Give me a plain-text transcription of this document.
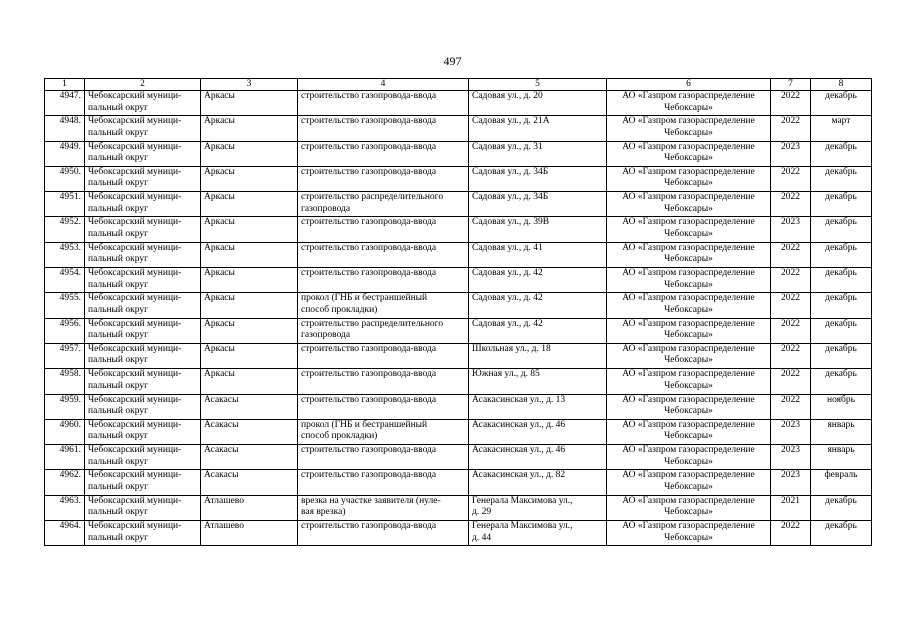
497
1	2	3	4	5	6	7	8
4947.	Чебоксарский муници-
пальный округ	Аркасы	строительство газопровода-ввода	Садовая ул., д. 20	АО «Газпром газораспределение
Чебоксары»	2022	декабрь
4948.	Чебоксарский муници-
пальный округ	Аркасы	строительство газопровода-ввода	Садовая ул., д. 21А	АО «Газпром газораспределение
Чебоксары»	2022	март
4949.	Чебоксарский муници-
пальный округ	Аркасы	строительство газопровода-ввода	Садовая ул., д. 31	АО «Газпром газораспределение
Чебоксары»	2023	декабрь
4950.	Чебоксарский муници-
пальный округ	Аркасы	строительство газопровода-ввода	Садовая ул., д. 34Б	АО «Газпром газораспределение
Чебоксары»	2022	декабрь
4951.	Чебоксарский муници-
пальный округ	Аркасы	строительство распределительного
газопровода	Садовая ул., д. 34Б	АО «Газпром газораспределение
Чебоксары»	2022	декабрь
4952.	Чебоксарский муници-
пальный округ	Аркасы	строительство газопровода-ввода	Садовая ул., д. 39В	АО «Газпром газораспределение
Чебоксары»	2023	декабрь
4953.	Чебоксарский муници-
пальный округ	Аркасы	строительство газопровода-ввода	Садовая ул., д. 41	АО «Газпром газораспределение
Чебоксары»	2022	декабрь
4954.	Чебоксарский муници-
пальный округ	Аркасы	строительство газопровода-ввода	Садовая ул., д. 42	АО «Газпром газораспределение
Чебоксары»	2022	декабрь
4955.	Чебоксарский муници-
пальный округ	Аркасы	прокол (ГНБ и бестраншейный
способ прокладки)	Садовая ул., д. 42	АО «Газпром газораспределение
Чебоксары»	2022	декабрь
4956.	Чебоксарский муници-
пальный округ	Аркасы	строительство распределительного
газопровода	Садовая ул., д. 42	АО «Газпром газораспределение
Чебоксары»	2022	декабрь
4957.	Чебоксарский муници-
пальный округ	Аркасы	строительство газопровода-ввода	Школьная ул., д. 18	АО «Газпром газораспределение
Чебоксары»	2022	декабрь
4958.	Чебоксарский муници-
пальный округ	Аркасы	строительство газопровода-ввода	Южная ул., д. 85	АО «Газпром газораспределение
Чебоксары»	2022	декабрь
4959.	Чебоксарский муници-
пальный округ	Асакасы	строительство газопровода-ввода	Асакасинская ул., д. 13	АО «Газпром газораспределение
Чебоксары»	2022	ноябрь
4960.	Чебоксарский муници-
пальный округ	Асакасы	прокол (ГНБ и бестраншейный
способ прокладки)	Асакасинская ул., д. 46	АО «Газпром газораспределение
Чебоксары»	2023	январь
4961.	Чебоксарский муници-
пальный округ	Асакасы	строительство газопровода-ввода	Асакасинская ул., д. 46	АО «Газпром газораспределение
Чебоксары»	2023	январь
4962.	Чебоксарский муници-
пальный округ	Асакасы	строительство газопровода-ввода	Асакасинская ул., д. 82	АО «Газпром газораспределение
Чебоксары»	2023	февраль
4963.	Чебоксарский муници-
пальный округ	Атлашево	врезка на участке заявителя (нуле-
вая врезка)	Генерала Максимова ул.,
д. 29	АО «Газпром газораспределение
Чебоксары»	2021	декабрь
4964.	Чебоксарский муници-
пальный округ	Атлашево	строительство газопровода-ввода	Генерала Максимова ул.,
д. 44	АО «Газпром газораспределение
Чебоксары»	2022	декабрь
